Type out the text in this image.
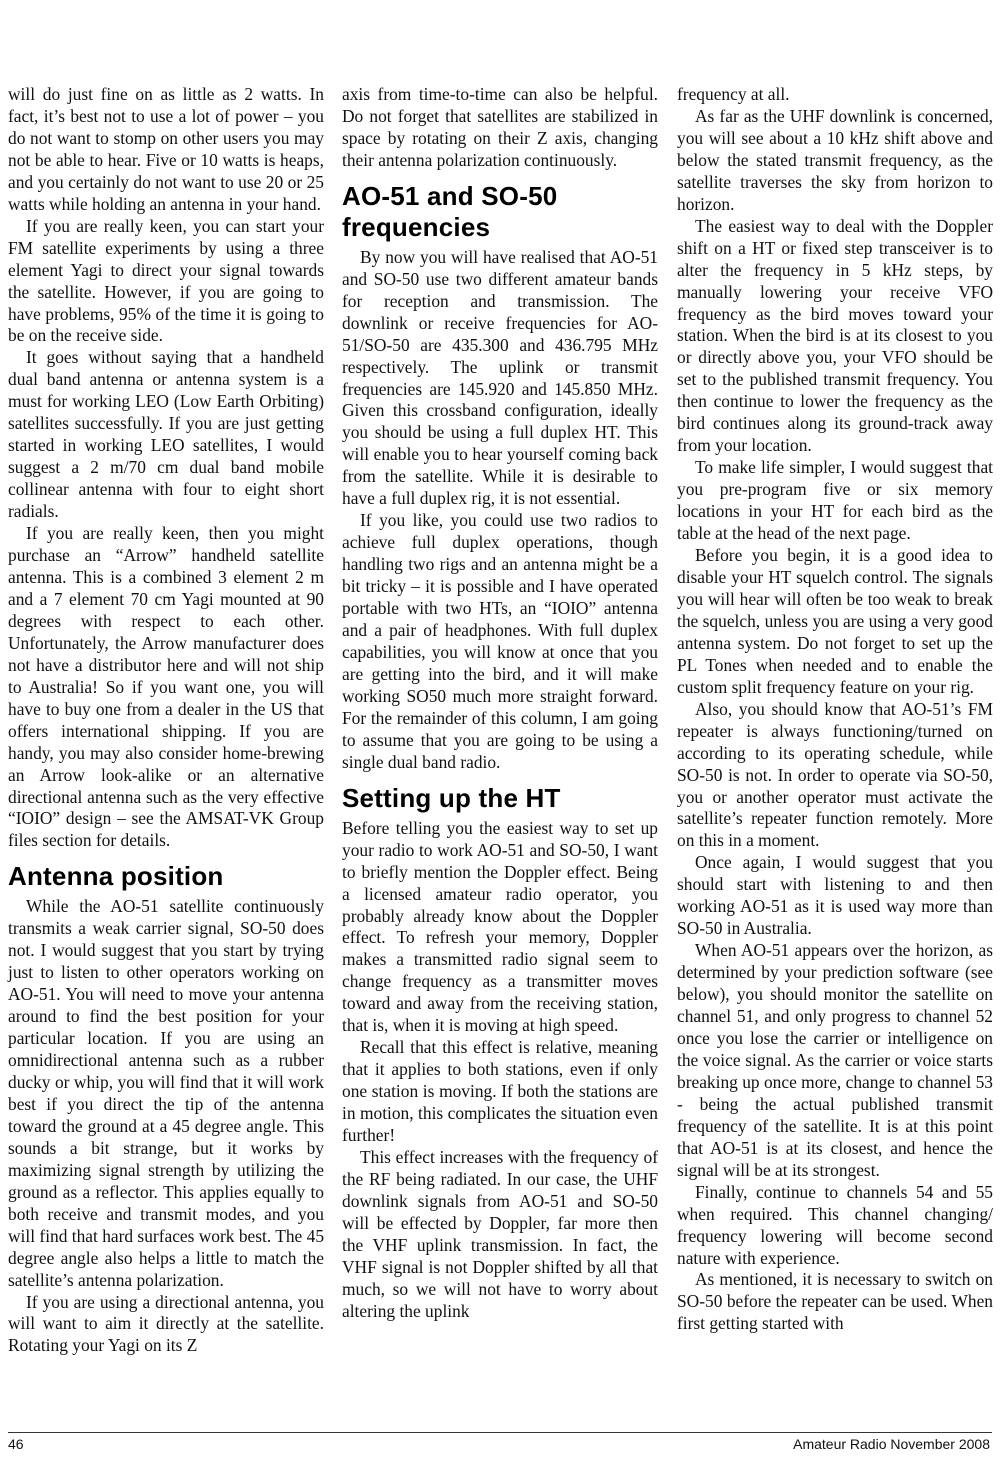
will do just fine on as little as 2 watts. In fact, it’s best not to use a lot of power – you do not want to stomp on other users you may not be able to hear. Five or 10 watts is heaps, and you certainly do not want to use 20 or 25 watts while holding an antenna in your hand.

If you are really keen, you can start your FM satellite experiments by using a three element Yagi to direct your signal towards the satellite. However, if you are going to have problems, 95% of the time it is going to be on the receive side.

It goes without saying that a handheld dual band antenna or antenna system is a must for working LEO (Low Earth Orbiting) satellites successfully. If you are just getting started in working LEO satellites, I would suggest a 2 m/70 cm dual band mobile collinear antenna with four to eight short radials.

If you are really keen, then you might purchase an “Arrow” handheld satellite antenna. This is a combined 3 element 2 m and a 7 element 70 cm Yagi mounted at 90 degrees with respect to each other. Unfortunately, the Arrow manufacturer does not have a distributor here and will not ship to Australia! So if you want one, you will have to buy one from a dealer in the US that offers international shipping. If you are handy, you may also consider home-brewing an Arrow look-alike or an alternative directional antenna such as the very effective “IOIO” design – see the AMSAT-VK Group files section for details.

Antenna position

While the AO-51 satellite continuously transmits a weak carrier signal, SO-50 does not. I would suggest that you start by trying just to listen to other operators working on AO-51. You will need to move your antenna around to find the best position for your particular location. If you are using an omnidirectional antenna such as a rubber ducky or whip, you will find that it will work best if you direct the tip of the antenna toward the ground at a 45 degree angle. This sounds a bit strange, but it works by maximizing signal strength by utilizing the ground as a reflector. This applies equally to both receive and transmit modes, and you will find that hard surfaces work best. The 45 degree angle also helps a little to match the satellite’s antenna polarization.

If you are using a directional antenna, you will want to aim it directly at the satellite. Rotating your Yagi on its Z

axis from time-to-time can also be helpful. Do not forget that satellites are stabilized in space by rotating on their Z axis, changing their antenna polarization continuously.

AO-51 and SO-50 frequencies

By now you will have realised that AO-51 and SO-50 use two different amateur bands for reception and transmission. The downlink or receive frequencies for AO-51/SO-50 are 435.300 and 436.795 MHz respectively. The uplink or transmit frequencies are 145.920 and 145.850 MHz. Given this crossband configuration, ideally you should be using a full duplex HT. This will enable you to hear yourself coming back from the satellite. While it is desirable to have a full duplex rig, it is not essential.

If you like, you could use two radios to achieve full duplex operations, though handling two rigs and an antenna might be a bit tricky – it is possible and I have operated portable with two HTs, an “IOIO” antenna and a pair of headphones. With full duplex capabilities, you will know at once that you are getting into the bird, and it will make working SO50 much more straight forward. For the remainder of this column, I am going to assume that you are going to be using a single dual band radio.

Setting up the HT

Before telling you the easiest way to set up your radio to work AO-51 and SO-50, I want to briefly mention the Doppler effect. Being a licensed amateur radio operator, you probably already know about the Doppler effect. To refresh your memory, Doppler makes a transmitted radio signal seem to change frequency as a transmitter moves toward and away from the receiving station, that is, when it is moving at high speed.

Recall that this effect is relative, meaning that it applies to both stations, even if only one station is moving. If both the stations are in motion, this complicates the situation even further!

This effect increases with the frequency of the RF being radiated. In our case, the UHF downlink signals from AO-51 and SO-50 will be effected by Doppler, far more then the VHF uplink transmission. In fact, the VHF signal is not Doppler shifted by all that much, so we will not have to worry about altering the uplink

frequency at all.

As far as the UHF downlink is concerned, you will see about a 10 kHz shift above and below the stated transmit frequency, as the satellite traverses the sky from horizon to horizon.

The easiest way to deal with the Doppler shift on a HT or fixed step transceiver is to alter the frequency in 5 kHz steps, by manually lowering your receive VFO frequency as the bird moves toward your station. When the bird is at its closest to you or directly above you, your VFO should be set to the published transmit frequency. You then continue to lower the frequency as the bird continues along its ground-track away from your location.

To make life simpler, I would suggest that you pre-program five or six memory locations in your HT for each bird as the table at the head of the next page.

Before you begin, it is a good idea to disable your HT squelch control. The signals you will hear will often be too weak to break the squelch, unless you are using a very good antenna system. Do not forget to set up the PL Tones when needed and to enable the custom split frequency feature on your rig.

Also, you should know that AO-51’s FM repeater is always functioning/turned on according to its operating schedule, while SO-50 is not. In order to operate via SO-50, you or another operator must activate the satellite’s repeater function remotely. More on this in a moment.

Once again, I would suggest that you should start with listening to and then working AO-51 as it is used way more than SO-50 in Australia.

When AO-51 appears over the horizon, as determined by your prediction software (see below), you should monitor the satellite on channel 51, and only progress to channel 52 once you lose the carrier or intelligence on the voice signal. As the carrier or voice starts breaking up once more, change to channel 53 - being the actual published transmit frequency of the satellite. It is at this point that AO-51 is at its closest, and hence the signal will be at its strongest.

Finally, continue to channels 54 and 55 when required. This channel changing/ frequency lowering will become second nature with experience.

As mentioned, it is necessary to switch on SO-50 before the repeater can be used. When first getting started with

46	Amateur Radio November 2008
